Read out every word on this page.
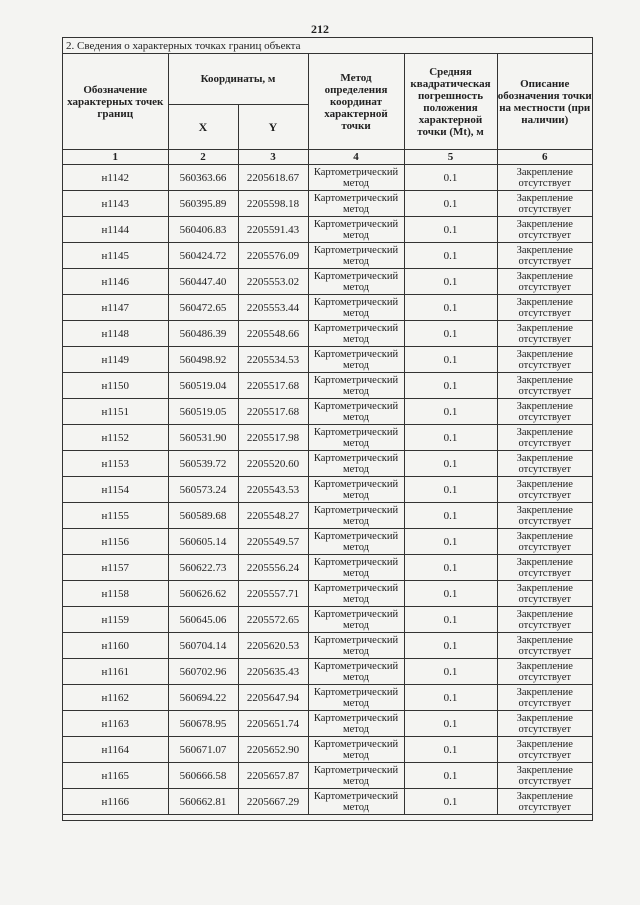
212
2. Сведения о характерных точках границ объекта
Обозначение характерных точек границ	Координаты, м		Метод определения координат характерной точки	Средняя квадратическая погрешность положения характерной точки (Mt), м	Описание обозначения точки на местности (при наличии)
	X	Y			
1	2	3	4	5	6
н1142	560363.66	2205618.67	Картометрический метод	0.1	Закрепление отсутствует
н1143	560395.89	2205598.18	Картометрический метод	0.1	Закрепление отсутствует
н1144	560406.83	2205591.43	Картометрический метод	0.1	Закрепление отсутствует
н1145	560424.72	2205576.09	Картометрический метод	0.1	Закрепление отсутствует
н1146	560447.40	2205553.02	Картометрический метод	0.1	Закрепление отсутствует
н1147	560472.65	2205553.44	Картометрический метод	0.1	Закрепление отсутствует
н1148	560486.39	2205548.66	Картометрический метод	0.1	Закрепление отсутствует
н1149	560498.92	2205534.53	Картометрический метод	0.1	Закрепление отсутствует
н1150	560519.04	2205517.68	Картометрический метод	0.1	Закрепление отсутствует
н1151	560519.05	2205517.68	Картометрический метод	0.1	Закрепление отсутствует
н1152	560531.90	2205517.98	Картометрический метод	0.1	Закрепление отсутствует
н1153	560539.72	2205520.60	Картометрический метод	0.1	Закрепление отсутствует
н1154	560573.24	2205543.53	Картометрический метод	0.1	Закрепление отсутствует
н1155	560589.68	2205548.27	Картометрический метод	0.1	Закрепление отсутствует
н1156	560605.14	2205549.57	Картометрический метод	0.1	Закрепление отсутствует
н1157	560622.73	2205556.24	Картометрический метод	0.1	Закрепление отсутствует
н1158	560626.62	2205557.71	Картометрический метод	0.1	Закрепление отсутствует
н1159	560645.06	2205572.65	Картометрический метод	0.1	Закрепление отсутствует
н1160	560704.14	2205620.53	Картометрический метод	0.1	Закрепление отсутствует
н1161	560702.96	2205635.43	Картометрический метод	0.1	Закрепление отсутствует
н1162	560694.22	2205647.94	Картометрический метод	0.1	Закрепление отсутствует
н1163	560678.95	2205651.74	Картометрический метод	0.1	Закрепление отсутствует
н1164	560671.07	2205652.90	Картометрический метод	0.1	Закрепление отсутствует
н1165	560666.58	2205657.87	Картометрический метод	0.1	Закрепление отсутствует
н1166	560662.81	2205667.29	Картометрический метод	0.1	Закрепление отсутствует
